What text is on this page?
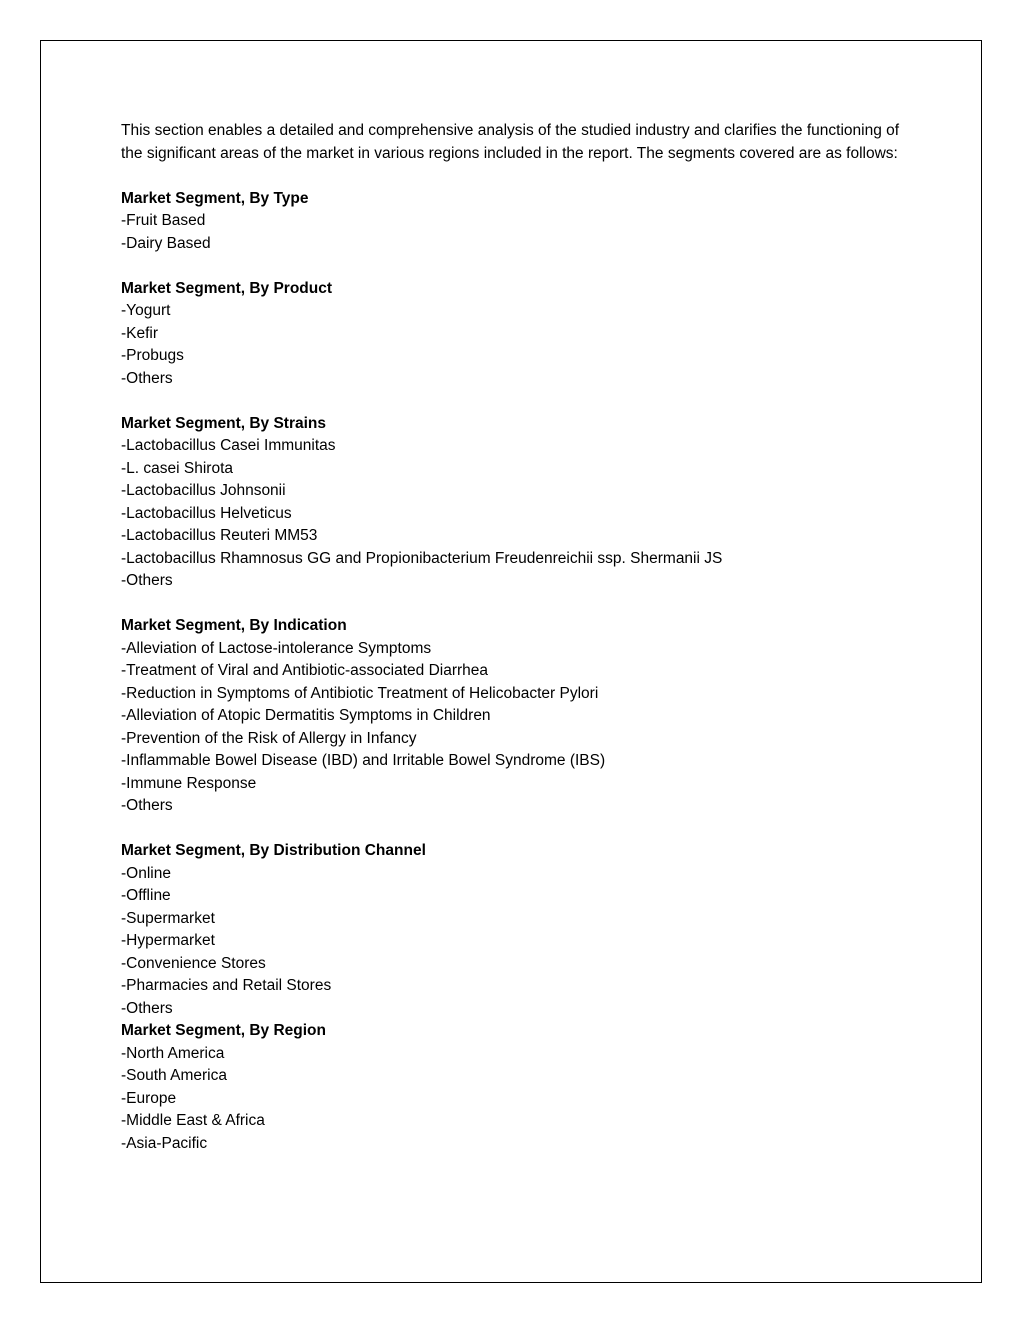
This section enables a detailed and comprehensive analysis of the studied industry and clarifies the functioning of the significant areas of the market in various regions included in the report. The segments covered are as follows:

Market Segment, By Type

-Fruit Based

-Dairy Based

Market Segment, By Product

-Yogurt

-Kefir

-Probugs

-Others

Market Segment, By Strains

-Lactobacillus Casei Immunitas

-L. casei Shirota

-Lactobacillus Johnsonii

-Lactobacillus Helveticus

-Lactobacillus Reuteri MM53

-Lactobacillus Rhamnosus GG and Propionibacterium Freudenreichii ssp. Shermanii JS

-Others

Market Segment, By Indication

-Alleviation of Lactose-intolerance Symptoms

-Treatment of Viral and Antibiotic-associated Diarrhea

-Reduction in Symptoms of Antibiotic Treatment of Helicobacter Pylori

-Alleviation of Atopic Dermatitis Symptoms in Children

-Prevention of the Risk of Allergy in Infancy

-Inflammable Bowel Disease (IBD) and Irritable Bowel Syndrome (IBS)

-Immune Response

-Others

Market Segment, By Distribution Channel

-Online

-Offline

-Supermarket

-Hypermarket

-Convenience Stores

-Pharmacies and Retail Stores

-Others

Market Segment, By Region

-North America

-South America

-Europe

-Middle East & Africa

-Asia-Pacific
